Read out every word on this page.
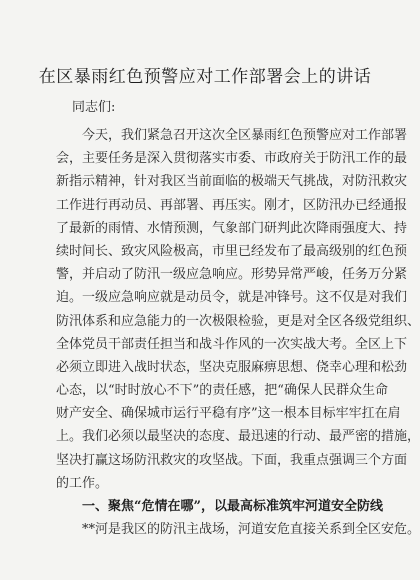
在区暴雨红色预警应对工作部署会上的讲话
同志们:
今天，我们紧急召开这次全区暴雨红色预警应对工作部署
会，主要任务是深入贯彻落实市委、市政府关于防汛工作的最
新指示精神，针对我区当前面临的极端天气挑战，对防汛救灾
工作进行再动员、再部署、再压实。刚才，区防汛办已经通报
了最新的雨情、水情预测，气象部门研判此次降雨强度大、持
续时间长、致灾风险极高，市里已经发布了最高级别的红色预
警，并启动了防汛一级应急响应。形势异常严峻，任务万分紧
迫。一级应急响应就是动员令，就是冲锋号。这不仅是对我们
防汛体系和应急能力的一次极限检验，更是对全区各级党组织、
全体党员干部责任担当和战斗作风的一次实战大考。全区上下
必须立即进入战时状态，坚决克服麻痹思想、侥幸心理和松劲
心态，以“时时放心不下”的责任感，把“确保人民群众生命
财产安全、确保城市运行平稳有序”这一根本目标牢牢扛在肩
上。我们必须以最坚决的态度、最迅速的行动、最严密的措施，
坚决打赢这场防汛救灾的攻坚战。下面，我重点强调三个方面
的工作。
一、聚焦“危情在哪”，以最高标准筑牢河道安全防线
**河是我区的防汛主战场，河道安危直接关系到全区安危。
